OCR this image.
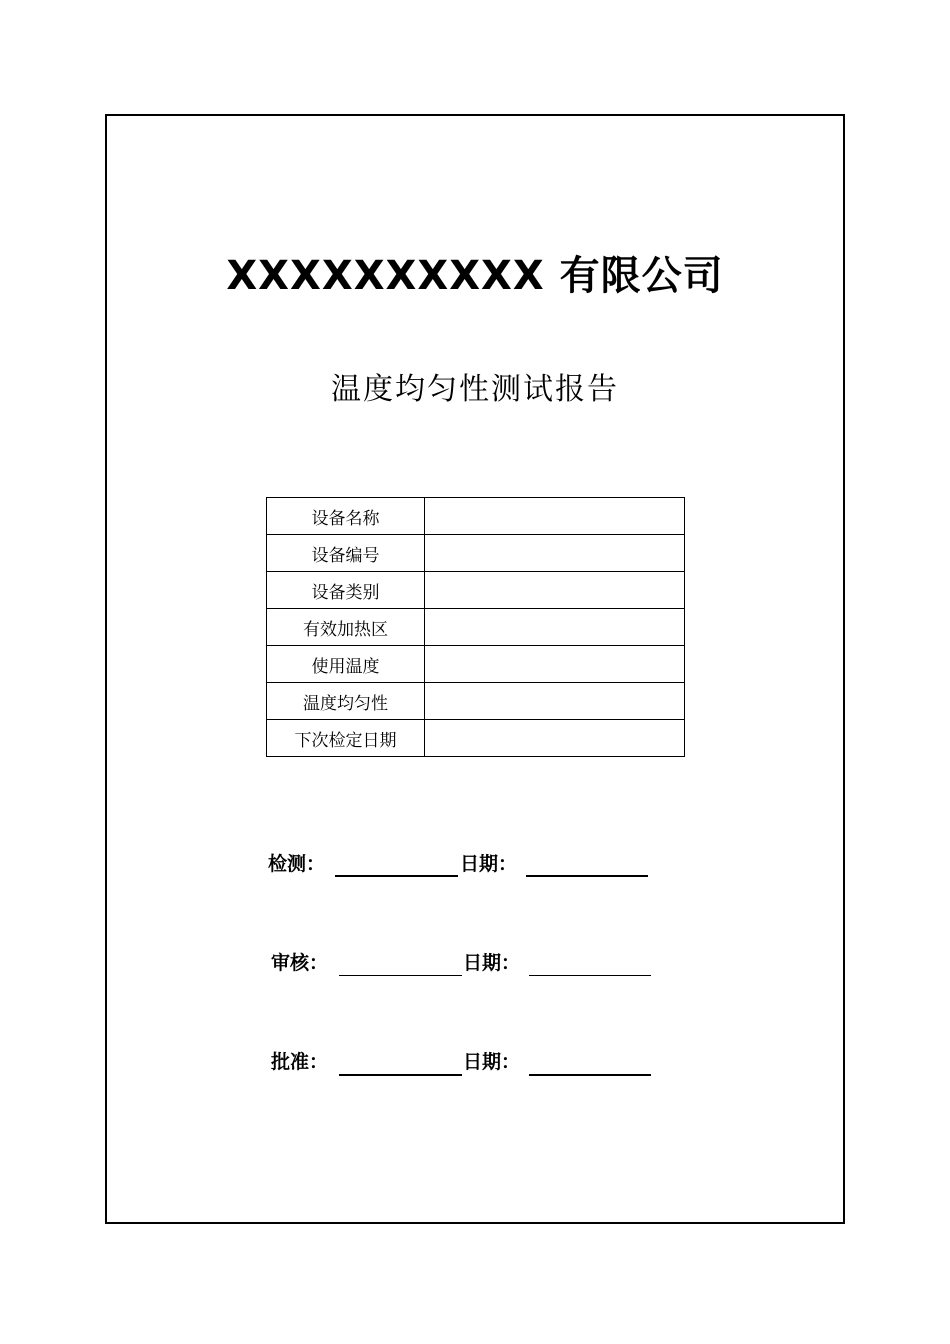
XXXXXXXXXX 有限公司
温度均匀性测试报告
设备名称	
设备编号	
设备类别	
有效加热区	
使用温度	
温度均匀性	
下次检定日期	
检测：	日期：
审核：	日期：
批准：	日期：
